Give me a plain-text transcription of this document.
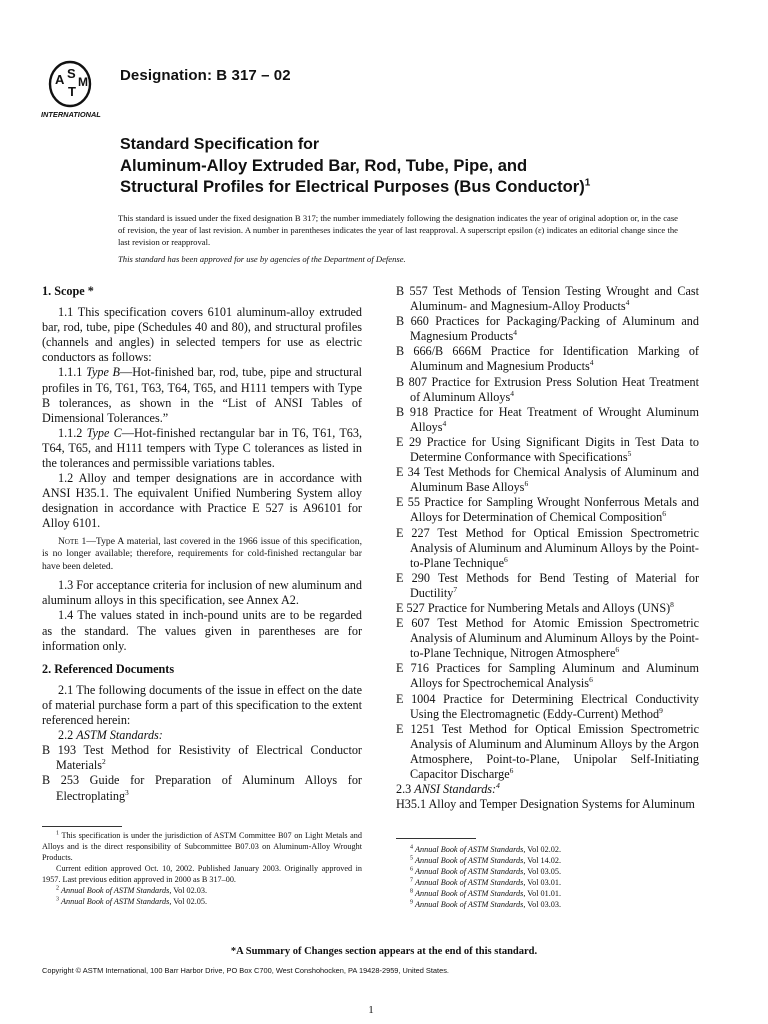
A S
T
M
INTERNATIONAL
Designation: B 317 – 02
Standard Specification for
Aluminum-Alloy Extruded Bar, Rod, Tube, Pipe, and
Structural Profiles for Electrical Purposes (Bus Conductor)$^1$
This standard is issued under the fixed designation B 317; the number immediately following the designation indicates the year of original adoption or, in the case of revision, the year of last revision. A number in parentheses indicates the year of last reapproval. A superscript epsilon (ε) indicates an editorial change since the last revision or reapproval.
This standard has been approved for use by agencies of the Department of Defense.
1. Scope *

1.1 This specification covers 6101 aluminum-alloy extruded bar, rod, tube, pipe (Schedules 40 and 80), and structural profiles (channels and angles) in selected tempers for use as electric conductors as follows:

1.1.1 Type B—Hot-finished bar, rod, tube, pipe and structural profiles in T6, T61, T63, T64, T65, and H111 tempers with Type B tolerances, as shown in the “List of ANSI Tables of Dimensional Tolerances.”

1.1.2 Type C—Hot-finished rectangular bar in T6, T61, T63, T64, T65, and H111 tempers with Type C tolerances as listed in the tolerances and permissible variations tables.

1.2 Alloy and temper designations are in accordance with ANSI H35.1. The equivalent Unified Numbering System alloy designation in accordance with Practice E 527 is A96101 for Alloy 6101.

Note 1—Type A material, last covered in the 1966 issue of this specification, is no longer available; therefore, requirements for cold-finished rectangular bar have been deleted.

1.3 For acceptance criteria for inclusion of new aluminum and aluminum alloys in this specification, see Annex A2.

1.4 The values stated in inch-pound units are to be regarded as the standard. The values given in parentheses are for information only.

2. Referenced Documents

2.1 The following documents of the issue in effect on the date of material purchase form a part of this specification to the extent referenced herein:

2.2 ASTM Standards:

B 193 Test Method for Resistivity of Electrical Conductor Materials$^2$

B 253 Guide for Preparation of Aluminum Alloys for Electroplating$^3$

B 557 Test Methods of Tension Testing Wrought and Cast Aluminum- and Magnesium-Alloy Products$^4$

B 660 Practices for Packaging/Packing of Aluminum and Magnesium Products$^4$

B 666/B 666M Practice for Identification Marking of Aluminum and Magnesium Products$^4$

B 807 Practice for Extrusion Press Solution Heat Treatment of Aluminum Alloys$^4$

B 918 Practice for Heat Treatment of Wrought Aluminum Alloys$^4$

E 29 Practice for Using Significant Digits in Test Data to Determine Conformance with Specifications$^5$

E 34 Test Methods for Chemical Analysis of Aluminum and Aluminum Base Alloys$^6$

E 55 Practice for Sampling Wrought Nonferrous Metals and Alloys for Determination of Chemical Composition$^6$

E 227 Test Method for Optical Emission Spectrometric Analysis of Aluminum and Aluminum Alloys by the Point-to-Plane Technique$^6$

E 290 Test Methods for Bend Testing of Material for Ductility$^7$

E 527 Practice for Numbering Metals and Alloys (UNS)$^8$

E 607 Test Method for Atomic Emission Spectrometric Analysis of Aluminum and Aluminum Alloys by the Point-to-Plane Technique, Nitrogen Atmosphere$^6$

E 716 Practices for Sampling Aluminum and Aluminum Alloys for Spectrochemical Analysis$^6$

E 1004 Practice for Determining Electrical Conductivity Using the Electromagnetic (Eddy-Current) Method$^9$

E 1251 Test Method for Optical Emission Spectrometric Analysis of Aluminum and Aluminum Alloys by the Argon Atmosphere, Point-to-Plane, Unipolar Self-Initiating Capacitor Discharge$^6$

2.3 ANSI Standards:$^4$

H35.1 Alloy and Temper Designation Systems for Aluminum

$^1$ This specification is under the jurisdiction of ASTM Committee B07 on Light Metals and Alloys and is the direct responsibility of Subcommittee B07.03 on Aluminum-Alloy Wrought Products.

Current edition approved Oct. 10, 2002. Published January 2003. Originally approved in 1957. Last previous edition approved in 2000 as B 317–00.

$^2$ Annual Book of ASTM Standards, Vol 02.03.

$^3$ Annual Book of ASTM Standards, Vol 02.05.

$^4$ Annual Book of ASTM Standards, Vol 02.02.

$^5$ Annual Book of ASTM Standards, Vol 14.02.

$^6$ Annual Book of ASTM Standards, Vol 03.05.

$^7$ Annual Book of ASTM Standards, Vol 03.01.

$^8$ Annual Book of ASTM Standards, Vol 01.01.

$^9$ Annual Book of ASTM Standards, Vol 03.03.

*A Summary of Changes section appears at the end of this standard.
Copyright © ASTM International, 100 Barr Harbor Drive, PO Box C700, West Conshohocken, PA 19428-2959, United States.
1
